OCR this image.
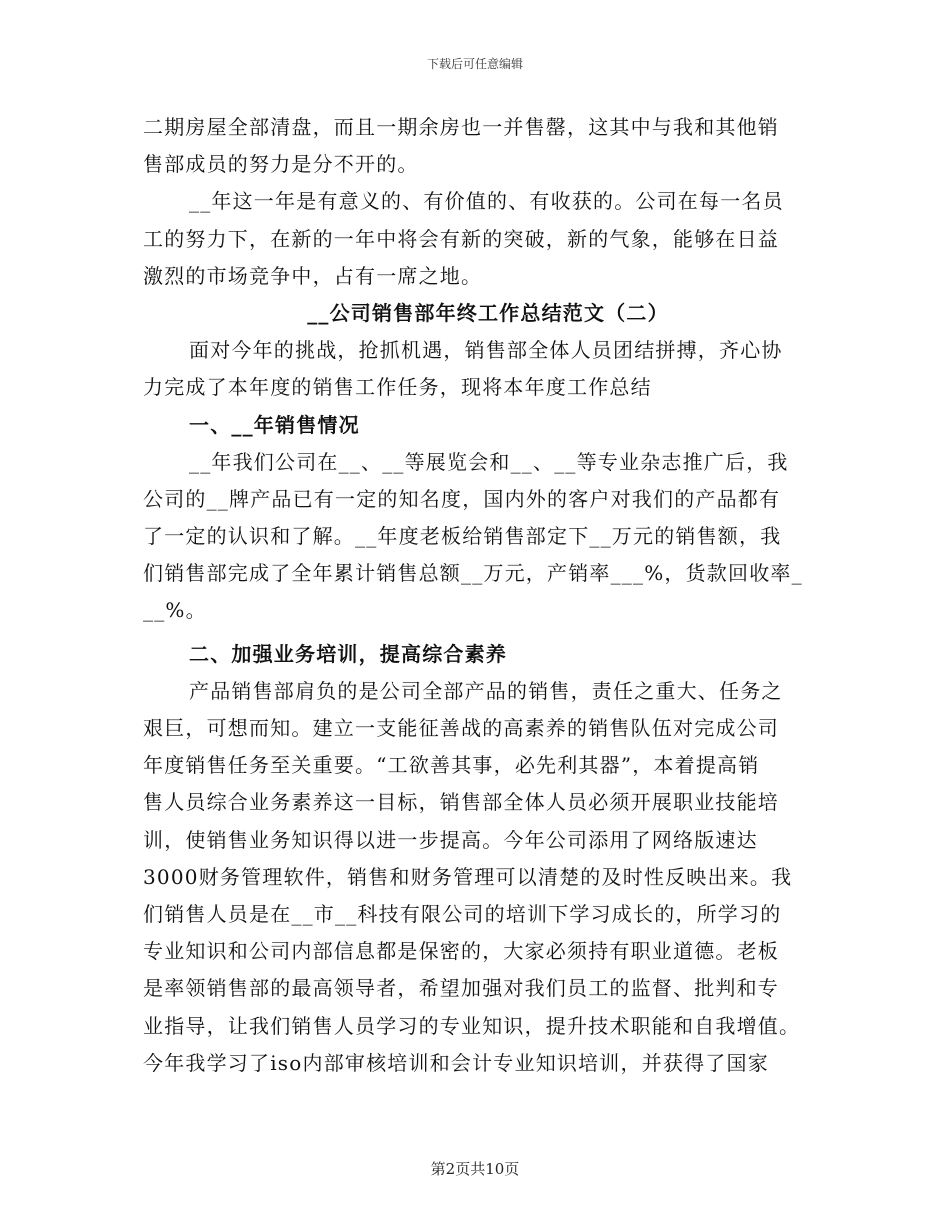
下载后可任意编辑
二期房屋全部清盘，而且一期余房也一并售罄，这其中与我和其他销
售部成员的努力是分不开的。
__年这一年是有意义的、有价值的、有收获的。公司在每一名员
工的努力下，在新的一年中将会有新的突破，新的气象，能够在日益
激烈的市场竞争中，占有一席之地。
__公司销售部年终工作总结范文（二）
面对今年的挑战，抢抓机遇，销售部全体人员团结拼搏，齐心协
力完成了本年度的销售工作任务，现将本年度工作总结
一、__年销售情况
__年我们公司在__、__等展览会和__、__等专业杂志推广后，我
公司的__牌产品已有一定的知名度，国内外的客户对我们的产品都有
了一定的认识和了解。__年度老板给销售部定下__万元的销售额，我
们销售部完成了全年累计销售总额__万元，产销率___%，货款回收率_
__%。
二、加强业务培训，提高综合素养
产品销售部肩负的是公司全部产品的销售，责任之重大、任务之
艰巨，可想而知。建立一支能征善战的高素养的销售队伍对完成公司
年度销售任务至关重要。“工欲善其事，必先利其器”，本着提高销
售人员综合业务素养这一目标，销售部全体人员必须开展职业技能培
训，使销售业务知识得以进一步提高。今年公司添用了网络版速达
3000财务管理软件，销售和财务管理可以清楚的及时性反映出来。我
们销售人员是在__市__科技有限公司的培训下学习成长的，所学习的
专业知识和公司内部信息都是保密的，大家必须持有职业道德。老板
是率领销售部的最高领导者，希望加强对我们员工的监督、批判和专
业指导，让我们销售人员学习的专业知识，提升技术职能和自我增值。
今年我学习了iso内部审核培训和会计专业知识培训，并获得了国家
第2页共10页
